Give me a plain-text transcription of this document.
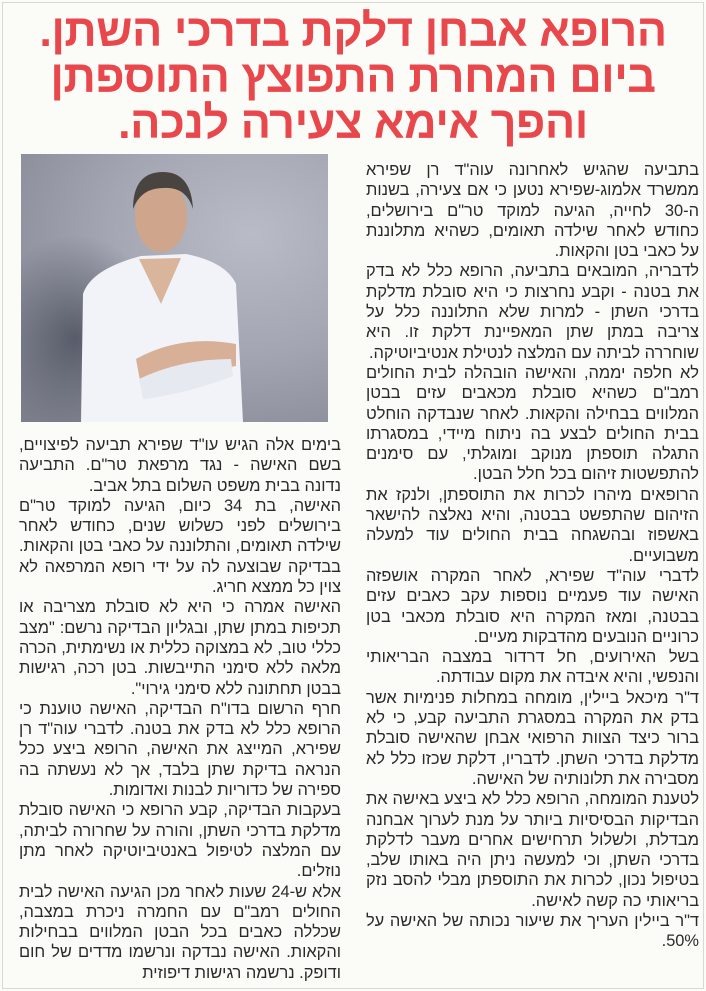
הרופא אבחן דלקת בדרכי השתן.
ביום המחרת התפוצץ התוספתן
והפך אימא צעירה לנכה.

בתביעה שהגיש לאחרונה עוה"ד רן שפירא ממשרד אלמוג-שפירא נטען כי אם צעירה, בשנות ה-30 לחייה, הגיעה למוקד טר"ם בירושלים, כחודש לאחר שילדה תאומים, כשהיא מתלוננת על כאבי בטן והקאות.

לדבריה, המובאים בתביעה, הרופא כלל לא בדק את בטנה - וקבע נחרצות כי היא סובלת מדלקת בדרכי השתן - למרות שלא התלוננה כלל על צריבה במתן שתן המאפיינת דלקת זו. היא שוחררה לביתה עם המלצה לנטילת אנטיביוטיקה.

לא חלפה יממה, והאישה הובהלה לבית החולים רמב"ם כשהיא סובלת מכאבים עזים בבטן המלווים בבחילה והקאות. לאחר שנבדקה הוחלט בבית החולים לבצע בה ניתוח מיידי, במסגרתו התגלה תוספתן מנוקב ומוגלתי, עם סימנים להתפשטות זיהום בכל חלל הבטן.

הרופאים מיהרו לכרות את התוספתן, ולנקז את הזיהום שהתפשט בבטנה, והיא נאלצה להישאר באשפוז ובהשגחה בבית החולים עוד למעלה משבועיים.

לדברי עוה"ד שפירא, לאחר המקרה אושפזה האישה עוד פעמיים נוספות עקב כאבים עזים בבטנה, ומאז המקרה היא סובלת מכאבי בטן כרוניים הנובעים מהדבקות מעיים.

בשל האירועים, חל דרדור במצבה הבריאותי והנפשי, והיא איבדה את מקום עבודתה.

ד"ר מיכאל ביילין, מומחה במחלות פנימיות אשר בדק את המקרה במסגרת התביעה קבע, כי לא ברור כיצד הצוות הרפואי אבחן שהאישה סובלת מדלקת בדרכי השתן. לדבריו, דלקת שכזו כלל לא מסבירה את תלונותיה של האישה.

לטענת המומחה, הרופא כלל לא ביצע באישה את הבדיקות הבסיסיות ביותר על מנת לערוך אבחנה מבדלת, ולשלול תרחישים אחרים מעבר לדלקת בדרכי השתן, וכי למעשה ניתן היה באותו שלב, בטיפול נכון, לכרות את התוספתן מבלי להסב נזק בריאותי כה קשה לאישה.

ד"ר ביילין העריך את שיעור נכותה של האישה על 50%.

בימים אלה הגיש עו"ד שפירא תביעה לפיצויים, בשם האישה - נגד מרפאת טר"ם. התביעה נדונה בבית משפט השלום בתל אביב.

האישה, בת 34 כיום, הגיעה למוקד טר"ם בירושלים לפני כשלוש שנים, כחודש לאחר שילדה תאומים, והתלוננה על כאבי בטן והקאות. בבדיקה שבוצעה לה על ידי רופא המרפאה לא צוין כל ממצא חריג.

האישה אמרה כי היא לא סובלת מצריבה או תכיפות במתן שתן, ובגליון הבדיקה נרשם: "מצב כללי טוב, לא במצוקה כללית או נשימתית, הכרה מלאה ללא סימני התייבשות. בטן רכה, רגישות בבטן תחתונה ללא סימני גירוי".

חרף הרשום בדו"ח הבדיקה, האישה טוענת כי הרופא כלל לא בדק את בטנה. לדברי עוה"ד רן שפירא, המייצג את האישה, הרופא ביצע ככל הנראה בדיקת שתן בלבד, אך לא נעשתה בה ספירה של כדוריות לבנות ואדומות.

בעקבות הבדיקה, קבע הרופא כי האישה סובלת מדלקת בדרכי השתן, והורה על שחרורה לביתה, עם המלצה לטיפול באנטיביוטיקה לאחר מתן נוזלים.

אלא ש-24 שעות לאחר מכן הגיעה האישה לבית החולים רמב"ם עם החמרה ניכרת במצבה, שכללה כאבים בכל הבטן המלווים בבחילות והקאות. האישה נבדקה ונרשמו מדדים של חום ודופק. נרשמה רגישות דיפוזית
